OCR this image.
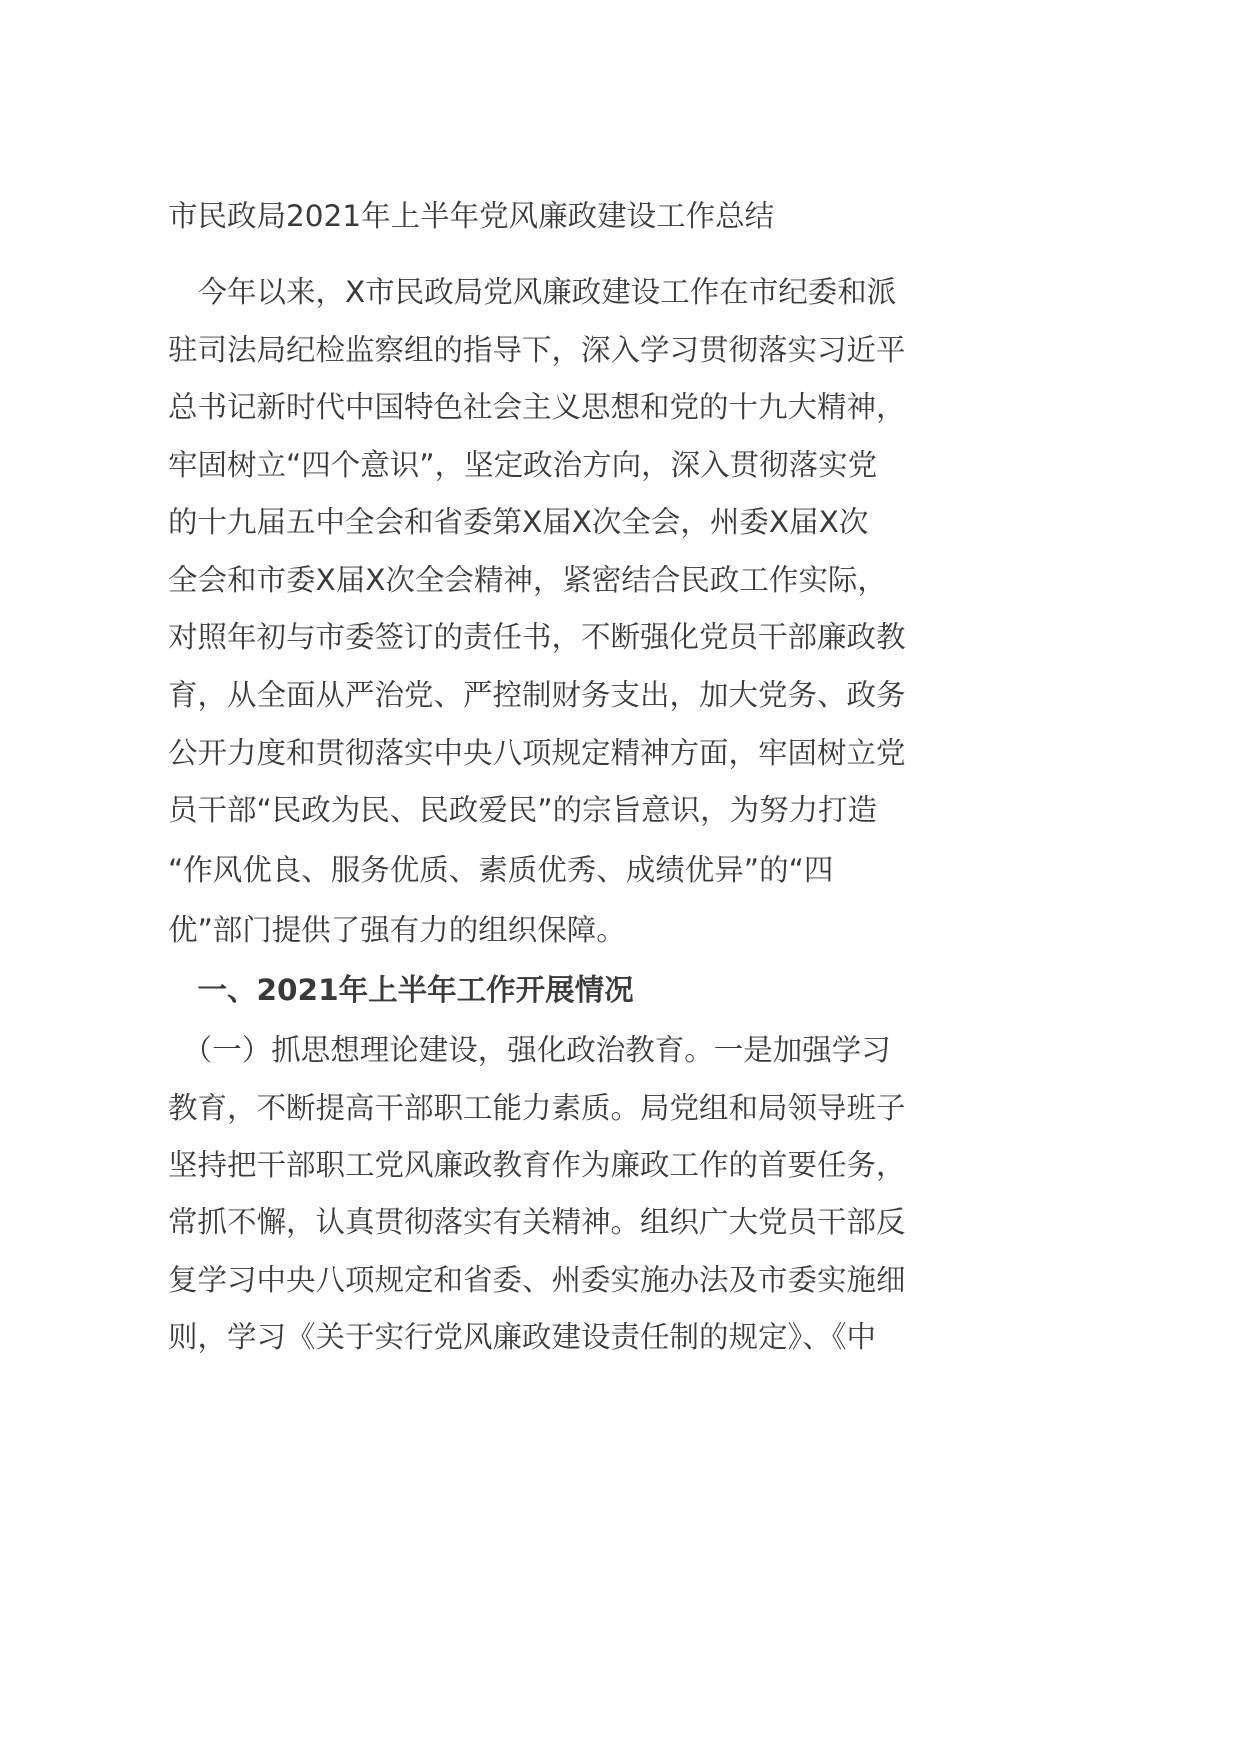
市民政局2021年上半年党风廉政建设工作总结
　今年以来，X市民政局党风廉政建设工作在市纪委和派
驻司法局纪检监察组的指导下，深入学习贯彻落实习近平
总书记新时代中国特色社会主义思想和党的十九大精神，
牢固树立“四个意识”，坚定政治方向，深入贯彻落实党
的十九届五中全会和省委第X届X次全会，州委X届X次
全会和市委X届X次全会精神，紧密结合民政工作实际，
对照年初与市委签订的责任书，不断强化党员干部廉政教
育，从全面从严治党、严控制财务支出，加大党务、政务
公开力度和贯彻落实中央八项规定精神方面，牢固树立党
员干部“民政为民、民政爱民”的宗旨意识，为努力打造
“作风优良、服务优质、素质优秀、成绩优异”的“四
优”部门提供了强有力的组织保障。
　一、2021年上半年工作开展情况
　（一）抓思想理论建设，强化政治教育。一是加强学习
教育，不断提高干部职工能力素质。局党组和局领导班子
坚持把干部职工党风廉政教育作为廉政工作的首要任务，
常抓不懈，认真贯彻落实有关精神。组织广大党员干部反
复学习中央八项规定和省委、州委实施办法及市委实施细
则，学习《关于实行党风廉政建设责任制的规定》、《中
